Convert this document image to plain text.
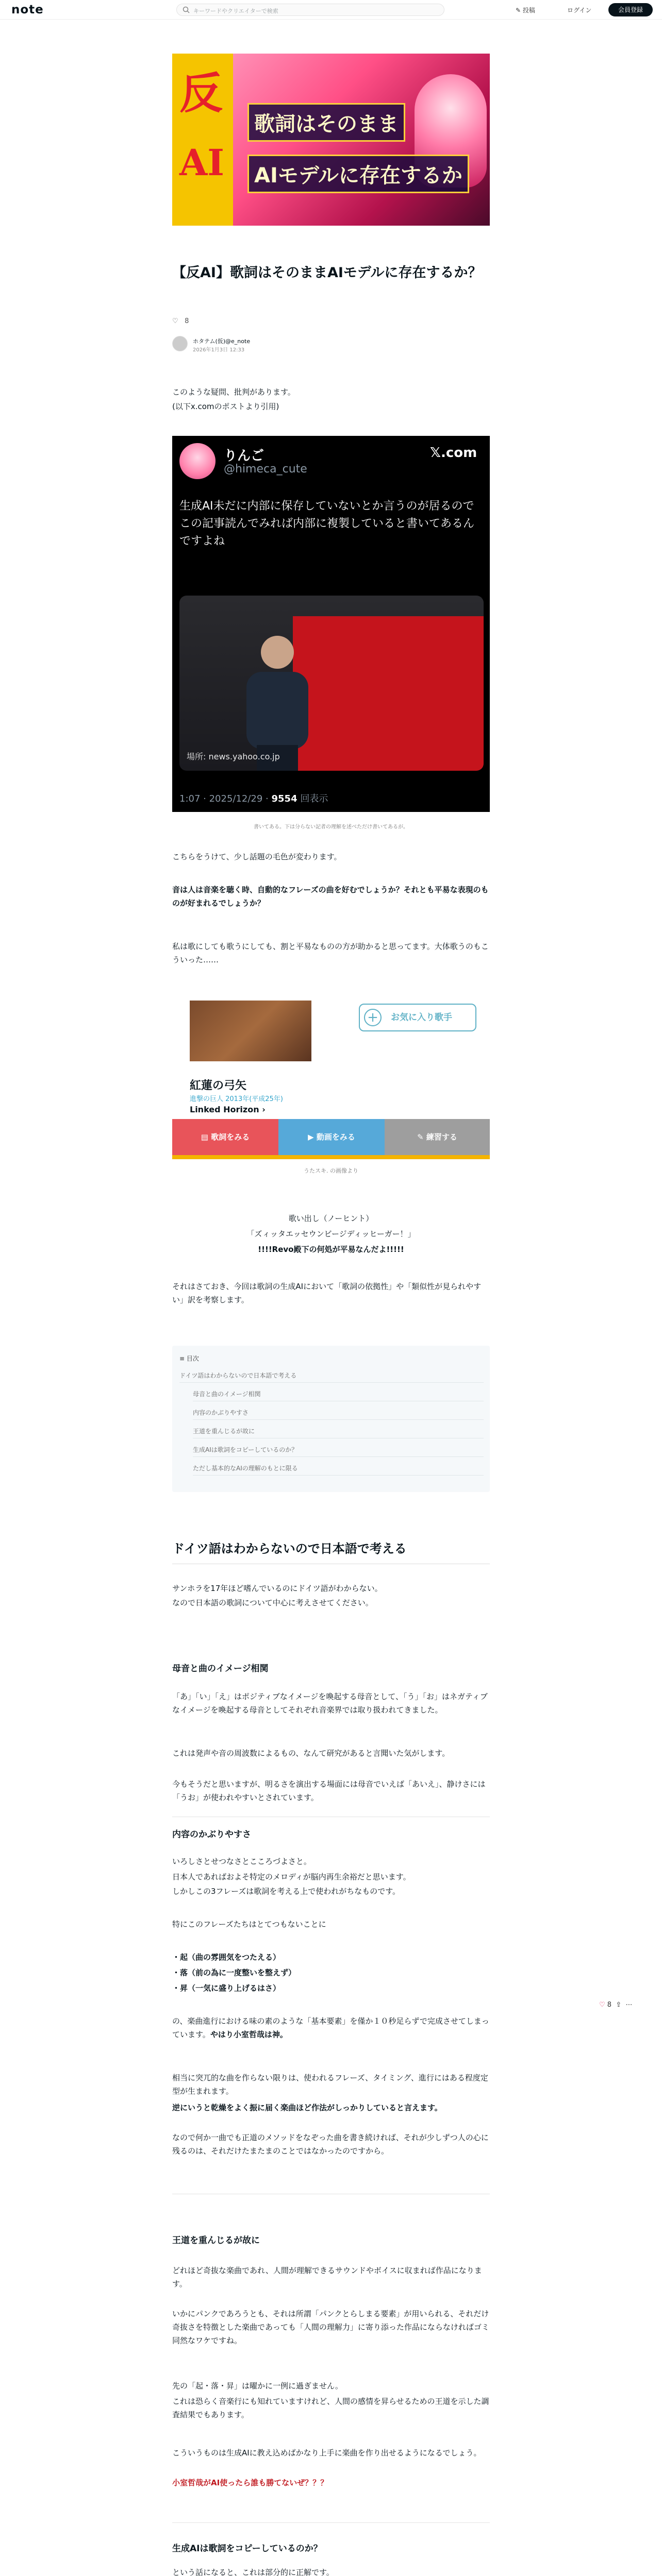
note	キーワードやクリエイターで検索	✎ 投稿	ログイン	会員登録
反
AI
歌詞はそのまま
AIモデルに存在するか
【反AI】歌詞はそのままAIモデルに存在するか？
♡ 8
ホタテム(仮)@e_note
2026年1月3日 12:33

このような疑問、批判があります。

(以下x.comのポストより引用)

りんご
@himeca_cute
𝕏.com
生成AI未だに内部に保存していないとか言うのが居るのでこの記事読んでみれば内部に複製していると書いてあるんですよね
場所: news.yahoo.co.jp
1:07 · 2025/12/29 · 9554 回表示
書いてある。下は分らない記者の理解を述べただけ書いてあるが。

こちらをうけて、少し話題の毛色が変わります。

音は人は音楽を聴く時、自動的なフレーズの曲を好むでしょうか？それとも平易な表現のものが好まれるでしょうか？

私は歌にしても歌うにしても、割と平易なものの方が助かると思ってます。大体歌うのもこういった……

お気に入り歌手
+
紅蓮の弓矢
進撃の巨人 2013年(平成25年)
Linked Horizon ›
▤ 歌詞をみる	▶ 動画をみる	✎ 練習する
うたスキ. の画像より

歌い出し（ノーヒント）

「ズィッタエッセウンビージディッヒーガー！」

!!!!Revo殿下の何処が平易なんだよ!!!!!

それはさておき、今回は歌詞の生成AIにおいて「歌詞の依拠性」や「類似性が見られやすい」訳を考察します。

≡ 目次
ドイツ語はわからないので日本語で考える
母音と曲のイメージ相関
内容のかぶりやすさ
王道を重んじるが故に
生成AIは歌詞をコピーしているのか？
ただし基本的なAIの理解のもとに限る
ドイツ語はわからないので日本語で考える

サンホラを17年ほど嗜んでいるのにドイツ語がわからない。

なので日本語の歌詞について中心に考えさせてください。

母音と曲のイメージ相関

「あ」「い」「え」はポジティブなイメージを喚起する母音として、「う」「お」はネガティブなイメージを喚起する母音としてそれぞれ音楽界では取り扱われてきました。

これは発声や音の周波数によるもの、なんて研究があると言聞いた気がします。

今もそうだと思いますが、明るさを演出する場面には母音でいえば「あいえ」、静けさには「うお」が使われやすいとされています。

内容のかぶりやすさ

いろしさとせつなさとこころづよさと。

日本人であればおよそ特定のメロディが脳内再生余裕だと思います。

しかしこの3フレーズは歌詞を考える上で使われがちなものです。

特にこのフレーズたちはとてつもないことに

・起（曲の雰囲気をつたえる）

・落（前の為に一度整いを整えず）

・昇（一気に盛り上げるはさ）

の、楽曲進行における味の素のような「基本要素」を僅か１０秒足らずで完成させてしまっています。やはり小室哲哉は神。

相当に突兀的な曲を作らない限りは、使われるフレーズ、タイミング、進行にはある程度定型が生まれます。

逆にいうと乾燥をよく振に届く楽曲ほど作法がしっかりしていると言えます。

なので何か一曲でも正道のメソッドをなぞった曲を書き続ければ、それが少しずつ人の心に残るのは、それだけたまたまのことではなかったのですから。

王道を重んじるが故に

どれほど奇抜な楽曲であれ、人間が理解できるサウンドやボイスに収まれば作品になります。

いかにパンクであろうとも、それは所謂「パンクとらしまる要素」が用いられる、それだけ奇抜さを特徴とした楽曲であっても「人間の理解力」に寄り添った作品にならなければゴミ同然なワケですね。

先の「起・落・昇」は曜かに一例に過ぎません。

これは恐らく音楽行にも知れていますけれど、人間の感情を昇らせるための王道を示した調査結果でもあります。

こういうものは生成AIに教え込めばかなり上手に楽曲を作り出せるようになるでしょう。

小室哲哉がAI使ったら誰も勝てないぜ？？？

生成AIは歌詞をコピーしているのか？

という話になると、これは部分的に正解です。

♡ 8 ⇪ ⋯
